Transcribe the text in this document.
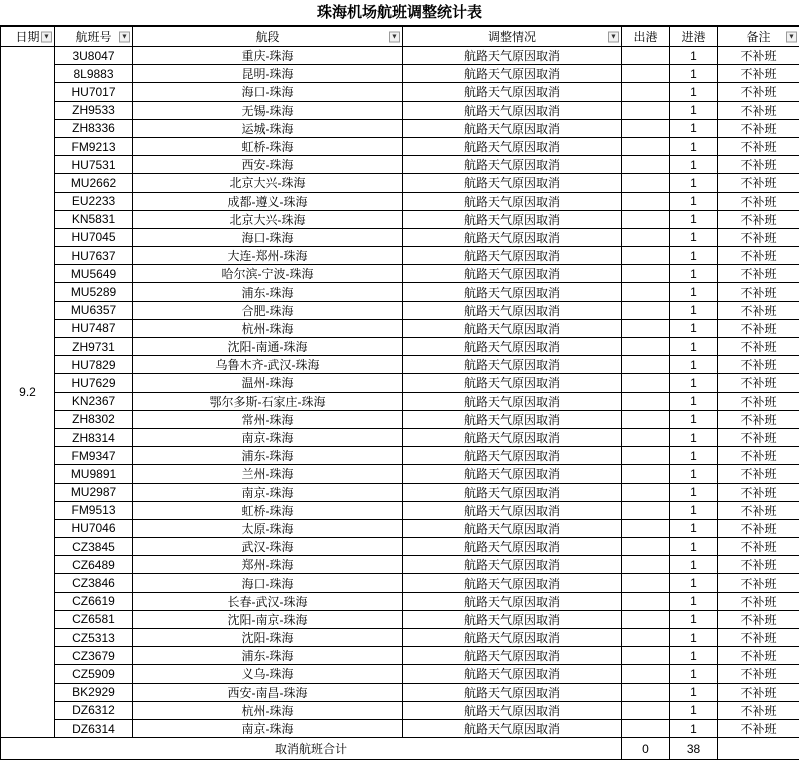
珠海机场航班调整统计表
日期 ▼	航班号 ▼	航段 ▼	调整情况 ▼	出港	进港	备注 ▼

9.2	3U8047	重庆-珠海	航路天气原因取消		1	不补班
	8L9883	昆明-珠海	航路天气原因取消		1	不补班
	HU7017	海口-珠海	航路天气原因取消		1	不补班
	ZH9533	无锡-珠海	航路天气原因取消		1	不补班
	ZH8336	运城-珠海	航路天气原因取消		1	不补班
	FM9213	虹桥-珠海	航路天气原因取消		1	不补班
	HU7531	西安-珠海	航路天气原因取消		1	不补班
	MU2662	北京大兴-珠海	航路天气原因取消		1	不补班
	EU2233	成都-遵义-珠海	航路天气原因取消		1	不补班
	KN5831	北京大兴-珠海	航路天气原因取消		1	不补班
	HU7045	海口-珠海	航路天气原因取消		1	不补班
	HU7637	大连-郑州-珠海	航路天气原因取消		1	不补班
	MU5649	哈尔滨-宁波-珠海	航路天气原因取消		1	不补班
	MU5289	浦东-珠海	航路天气原因取消		1	不补班
	MU6357	合肥-珠海	航路天气原因取消		1	不补班
	HU7487	杭州-珠海	航路天气原因取消		1	不补班
	ZH9731	沈阳-南通-珠海	航路天气原因取消		1	不补班
	HU7829	乌鲁木齐-武汉-珠海	航路天气原因取消		1	不补班
	HU7629	温州-珠海	航路天气原因取消		1	不补班
	KN2367	鄂尔多斯-石家庄-珠海	航路天气原因取消		1	不补班
	ZH8302	常州-珠海	航路天气原因取消		1	不补班
	ZH8314	南京-珠海	航路天气原因取消		1	不补班
	FM9347	浦东-珠海	航路天气原因取消		1	不补班
	MU9891	兰州-珠海	航路天气原因取消		1	不补班
	MU2987	南京-珠海	航路天气原因取消		1	不补班
	FM9513	虹桥-珠海	航路天气原因取消		1	不补班
	HU7046	太原-珠海	航路天气原因取消		1	不补班
	CZ3845	武汉-珠海	航路天气原因取消		1	不补班
	CZ6489	郑州-珠海	航路天气原因取消		1	不补班
	CZ3846	海口-珠海	航路天气原因取消		1	不补班
	CZ6619	长春-武汉-珠海	航路天气原因取消		1	不补班
	CZ6581	沈阳-南京-珠海	航路天气原因取消		1	不补班
	CZ5313	沈阳-珠海	航路天气原因取消		1	不补班
	CZ3679	浦东-珠海	航路天气原因取消		1	不补班
	CZ5909	义乌-珠海	航路天气原因取消		1	不补班
	BK2929	西安-南昌-珠海	航路天气原因取消		1	不补班
	DZ6312	杭州-珠海	航路天气原因取消		1	不补班
	DZ6314	南京-珠海	航路天气原因取消		1	不补班
取消航班合计				0	38	
